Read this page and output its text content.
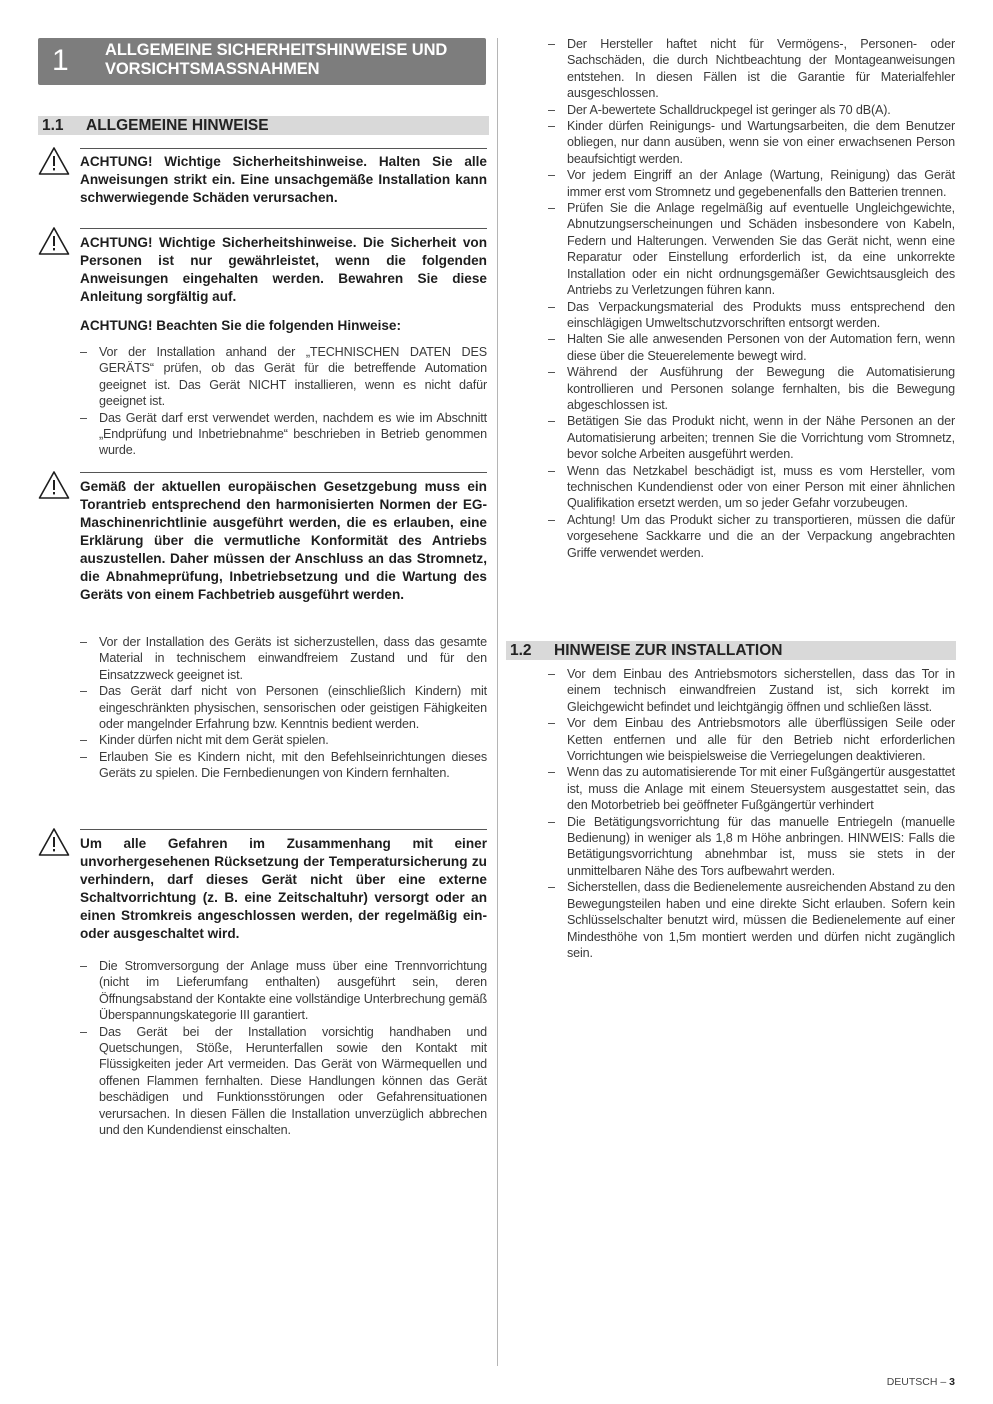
1 ALLGEMEINE SICHERHEITSHINWEISE UND
VORSICHTSMASSNAHMEN
1.1 ALLGEMEINE HINWEISE
ACHTUNG! Wichtige Sicherheitshinweise. Halten Sie alle Anweisungen strikt ein. Eine unsachgemäße Installation kann schwerwiegende Schäden verursachen.
ACHTUNG! Wichtige Sicherheitshinweise. Die Sicherheit von Personen ist nur gewährleistet, wenn die folgenden Anweisungen eingehalten werden. Bewahren Sie diese Anleitung sorgfältig auf.
ACHTUNG! Beachten Sie die folgenden Hinweise:
– Vor der Installation anhand der „TECHNISCHEN DATEN DES GERÄTS“ prüfen, ob das Gerät für die betreffende Automation geeignet ist. Das Gerät NICHT installieren, wenn es nicht dafür geeignet ist.
– Das Gerät darf erst verwendet werden, nachdem es wie im Abschnitt „Endprüfung und Inbetriebnahme“ beschrieben in Betrieb genommen wurde.
Gemäß der aktuellen europäischen Gesetzgebung muss ein Torantrieb entsprechend den harmonisierten Normen der EG-Maschinenrichtlinie ausgeführt werden, die es erlauben, eine Erklärung über die vermutliche Konformität des Antriebs auszustellen. Daher müssen der Anschluss an das Stromnetz, die Abnahmeprüfung, Inbetriebsetzung und die Wartung des Geräts von einem Fachbetrieb ausgeführt werden.
– Vor der Installation des Geräts ist sicherzustellen, dass das gesamte Material in technischem einwandfreiem Zustand und für den Einsatzzweck geeignet ist.
– Das Gerät darf nicht von Personen (einschließlich Kindern) mit eingeschränkten physischen, sensorischen oder geistigen Fähigkeiten oder mangelnder Erfahrung bzw. Kenntnis bedient werden.
– Kinder dürfen nicht mit dem Gerät spielen.
– Erlauben Sie es Kindern nicht, mit den Befehlseinrichtungen dieses Geräts zu spielen. Die Fernbedienungen von Kindern fernhalten.
Um alle Gefahren im Zusammenhang mit einer unvorhergesehenen Rücksetzung der Temperatursicherung zu verhindern, darf dieses Gerät nicht über eine externe Schaltvorrichtung (z. B. eine Zeitschaltuhr) versorgt oder an einen Stromkreis angeschlossen werden, der regelmäßig ein- oder ausgeschaltet wird.
– Die Stromversorgung der Anlage muss über eine Trennvorrichtung (nicht im Lieferumfang enthalten) ausgeführt sein, deren Öffnungsabstand der Kontakte eine vollständige Unterbrechung gemäß Überspannungskategorie III garantiert.
– Das Gerät bei der Installation vorsichtig handhaben und Quetschungen, Stöße, Herunterfallen sowie den Kontakt mit Flüssigkeiten jeder Art vermeiden. Das Gerät von Wärmequellen und offenen Flammen fernhalten. Diese Handlungen können das Gerät beschädigen und Funktionsstörungen oder Gefahrensituationen verursachen. In diesen Fällen die Installation unverzüglich abbrechen und den Kundendienst einschalten.
– Der Hersteller haftet nicht für Vermögens-, Personen- oder Sachschäden, die durch Nichtbeachtung der Montageanweisungen entstehen. In diesen Fällen ist die Garantie für Materialfehler ausgeschlossen.
– Der A-bewertete Schalldruckpegel ist geringer als 70 dB(A).
– Kinder dürfen Reinigungs- und Wartungsarbeiten, die dem Benutzer obliegen, nur dann ausüben, wenn sie von einer erwachsenen Person beaufsichtigt werden.
– Vor jedem Eingriff an der Anlage (Wartung, Reinigung) das Gerät immer erst vom Stromnetz und gegebenenfalls den Batterien trennen.
– Prüfen Sie die Anlage regelmäßig auf eventuelle Ungleichgewichte, Abnutzungserscheinungen und Schäden insbesondere von Kabeln, Federn und Halterungen. Verwenden Sie das Gerät nicht, wenn eine Reparatur oder Einstellung erforderlich ist, da eine unkorrekte Installation oder ein nicht ordnungsgemäßer Gewichtsausgleich des Antriebs zu Verletzungen führen kann.
– Das Verpackungsmaterial des Produkts muss entsprechend den einschlägigen Umweltschutzvorschriften entsorgt werden.
– Halten Sie alle anwesenden Personen von der Automation fern, wenn diese über die Steuerelemente bewegt wird.
– Während der Ausführung der Bewegung die Automatisierung kontrollieren und Personen solange fernhalten, bis die Bewegung abgeschlossen ist.
– Betätigen Sie das Produkt nicht, wenn in der Nähe Personen an der Automatisierung arbeiten; trennen Sie die Vorrichtung vom Stromnetz, bevor solche Arbeiten ausgeführt werden.
– Wenn das Netzkabel beschädigt ist, muss es vom Hersteller, vom technischen Kundendienst oder von einer Person mit einer ähnlichen Qualifikation ersetzt werden, um so jeder Gefahr vorzubeugen.
– Achtung! Um das Produkt sicher zu transportieren, müssen die dafür vorgesehene Sackkarre und die an der Verpackung angebrachten Griffe verwendet werden.
1.2 HINWEISE ZUR INSTALLATION
– Vor dem Einbau des Antriebsmotors sicherstellen, dass das Tor in einem technisch einwandfreien Zustand ist, sich korrekt im Gleichgewicht befindet und leichtgängig öffnen und schließen lässt.
– Vor dem Einbau des Antriebsmotors alle überflüssigen Seile oder Ketten entfernen und alle für den Betrieb nicht erforderlichen Vorrichtungen wie beispielsweise die Verriegelungen deaktivieren.
– Wenn das zu automatisierende Tor mit einer Fußgängertür ausgestattet ist, muss die Anlage mit einem Steuersystem ausgestattet sein, das den Motorbetrieb bei geöffneter Fußgängertür verhindert
– Die Betätigungsvorrichtung für das manuelle Entriegeln (manuelle Bedienung) in weniger als 1,8 m Höhe anbringen. HINWEIS: Falls die Betätigungsvorrichtung abnehmbar ist, muss sie stets in der unmittelbaren Nähe des Tors aufbewahrt werden.
– Sicherstellen, dass die Bedienelemente ausreichenden Abstand zu den Bewegungsteilen haben und eine direkte Sicht erlauben. Sofern kein Schlüsselschalter benutzt wird, müssen die Bedienelemente auf einer Mindesthöhe von 1,5m montiert werden und dürfen nicht zugänglich sein.
DEUTSCH – 3
